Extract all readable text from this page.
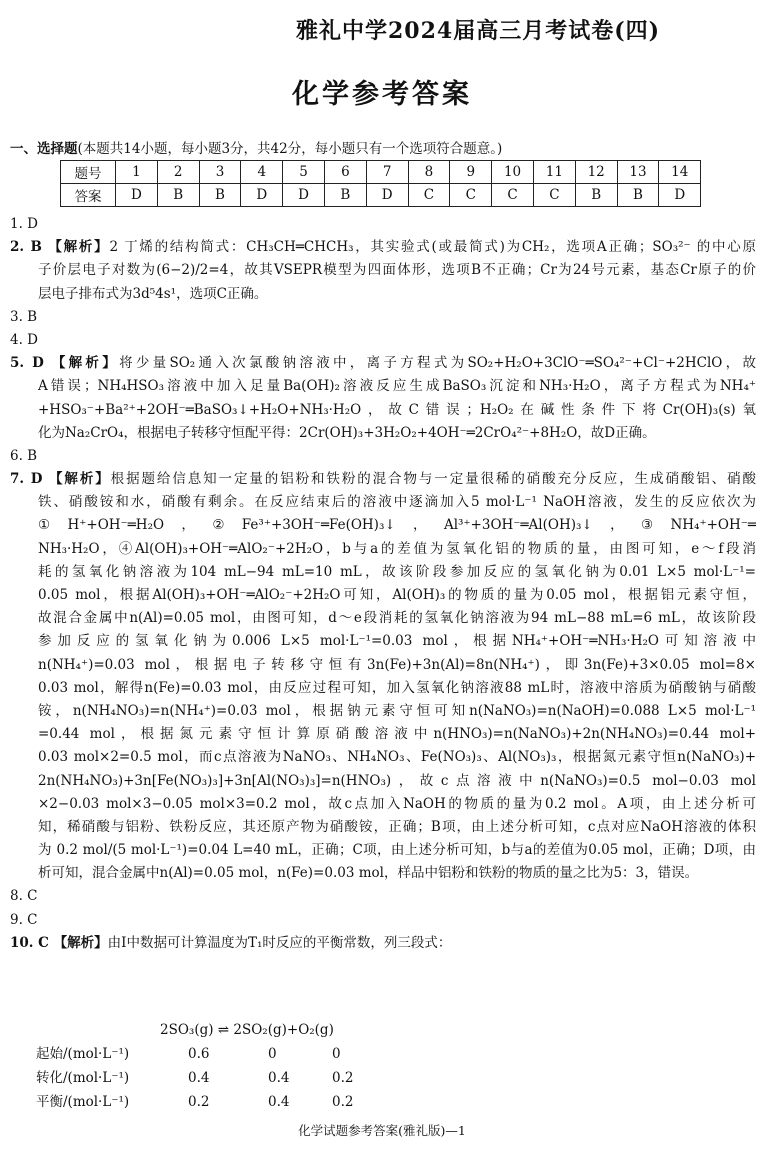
雅礼中学2024届高三月考试卷(四)
化学参考答案
一、选择题(本题共14小题，每小题3分，共42分，每小题只有一个选项符合题意。)
题号	1	2	3	4	5	6	7	8	9	10	11	12	13	14
答案	D	B	B	D	D	B	D	C	C	C	C	B	B	D
1. D
2. B 【解析】2 丁烯的结构简式：CH₃CH═CHCH₃，其实验式(或最简式)为CH₂，选项A正确；SO₃²⁻ 的中心原
子价层电子对数为(6−2)/2=4，故其VSEPR模型为四面体形，选项B不正确；Cr为24号元素，基态Cr原子的价
层电子排布式为3d⁵4s¹，选项C正确。
3. B
4. D
5. D 【解析】将少量SO₂通入次氯酸钠溶液中，离子方程式为SO₂+H₂O+3ClO⁻═SO₄²⁻+Cl⁻+2HClO，故
A错误；NH₄HSO₃溶液中加入足量Ba(OH)₂溶液反应生成BaSO₃沉淀和NH₃·H₂O，离子方程式为NH₄⁺
+HSO₃⁻+Ba²⁺+2OH⁻═BaSO₃↓+H₂O+NH₃·H₂O，故C错误；H₂O₂在碱性条件下将Cr(OH)₃(s)氧
化为Na₂CrO₄，根据电子转移守恒配平得：2Cr(OH)₃+3H₂O₂+4OH⁻═2CrO₄²⁻+8H₂O，故D正确。
6. B
7. D 【解析】根据题给信息知一定量的铝粉和铁粉的混合物与一定量很稀的硝酸充分反应，生成硝酸铝、硝酸
铁、硝酸铵和水，硝酸有剩余。在反应结束后的溶液中逐滴加入5 mol·L⁻¹ NaOH溶液，发生的反应依次为
①H⁺+OH⁻═H₂O，②Fe³⁺+3OH⁻═Fe(OH)₃↓，Al³⁺+3OH⁻═Al(OH)₃↓，③NH₄⁺+OH⁻═
NH₃·H₂O，④Al(OH)₃+OH⁻═AlO₂⁻+2H₂O，b与a的差值为氢氧化铝的物质的量，由图可知，e～f段消
耗的氢氧化钠溶液为104 mL−94 mL=10 mL，故该阶段参加反应的氢氧化钠为0.01 L×5 mol·L⁻¹=
0.05 mol，根据Al(OH)₃+OH⁻═AlO₂⁻+2H₂O可知，Al(OH)₃的物质的量为0.05 mol，根据铝元素守恒，
故混合金属中n(Al)=0.05 mol，由图可知，d～e段消耗的氢氧化钠溶液为94 mL−88 mL=6 mL，故该阶段
参加反应的氢氧化钠为0.006 L×5 mol·L⁻¹=0.03 mol，根据NH₄⁺+OH⁻═NH₃·H₂O可知溶液中
n(NH₄⁺)=0.03 mol，根据电子转移守恒有3n(Fe)+3n(Al)=8n(NH₄⁺)，即3n(Fe)+3×0.05 mol=8×
0.03 mol，解得n(Fe)=0.03 mol，由反应过程可知，加入氢氧化钠溶液88 mL时，溶液中溶质为硝酸钠与硝酸
铵，n(NH₄NO₃)=n(NH₄⁺)=0.03 mol，根据钠元素守恒可知n(NaNO₃)=n(NaOH)=0.088 L×5 mol·L⁻¹
=0.44 mol，根据氮元素守恒计算原硝酸溶液中n(HNO₃)=n(NaNO₃)+2n(NH₄NO₃)=0.44 mol+
0.03 mol×2=0.5 mol，而c点溶液为NaNO₃、NH₄NO₃、Fe(NO₃)₃、Al(NO₃)₃，根据氮元素守恒n(NaNO₃)+
2n(NH₄NO₃)+3n[Fe(NO₃)₃]+3n[Al(NO₃)₃]=n(HNO₃)，故c点溶液中n(NaNO₃)=0.5 mol−0.03 mol
×2−0.03 mol×3−0.05 mol×3=0.2 mol，故c点加入NaOH的物质的量为0.2 mol。A项，由上述分析可
知，稀硝酸与铝粉、铁粉反应，其还原产物为硝酸铵，正确；B项，由上述分析可知，c点对应NaOH溶液的体积
为 0.2 mol/(5 mol·L⁻¹)=0.04 L=40 mL，正确；C项，由上述分析可知，b与a的差值为0.05 mol，正确；D项，由
析可知，混合金属中n(Al)=0.05 mol，n(Fe)=0.03 mol，样品中铝粉和铁粉的物质的量之比为5：3，错误。
8. C
9. C
10. C 【解析】由Ⅰ中数据可计算温度为T₁时反应的平衡常数，列三段式：
2SO₃(g) ⇌ 2SO₂(g)+O₂(g)
起始/(mol·L⁻¹)	0.6	0	0
转化/(mol·L⁻¹)	0.4	0.4	0.2
平衡/(mol·L⁻¹)	0.2	0.4	0.2
化学试题参考答案(雅礼版)—1
